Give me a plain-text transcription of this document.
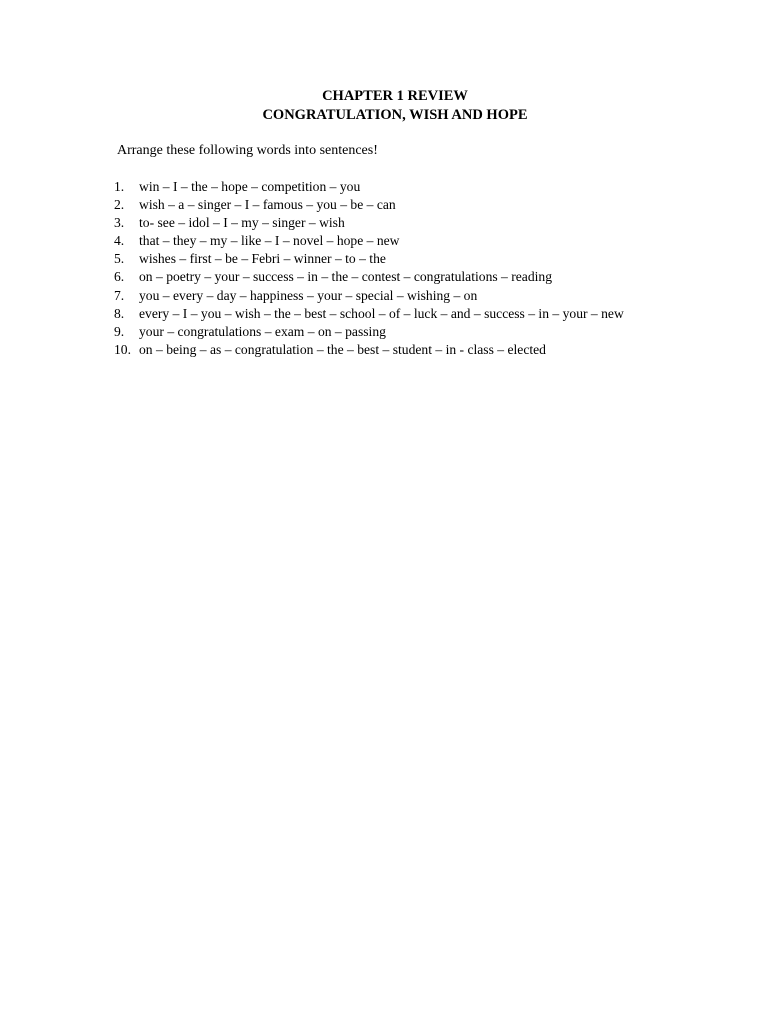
CHAPTER 1 REVIEW
CONGRATULATION, WISH AND HOPE
Arrange these following words into sentences!
1.	win – I – the – hope – competition – you
2.	wish – a – singer – I – famous – you – be – can
3.	to- see – idol – I – my – singer – wish
4.	that – they – my – like – I – novel – hope – new
5.	wishes – first – be – Febri – winner – to – the
6.	on – poetry – your – success – in – the – contest – congratulations – reading
7.	you – every – day – happiness – your – special – wishing – on
8.	every – I – you – wish – the – best – school – of – luck – and – success – in – your – new
9.	your – congratulations – exam – on – passing
10. on – being – as – congratulation – the – best – student – in - class – elected
